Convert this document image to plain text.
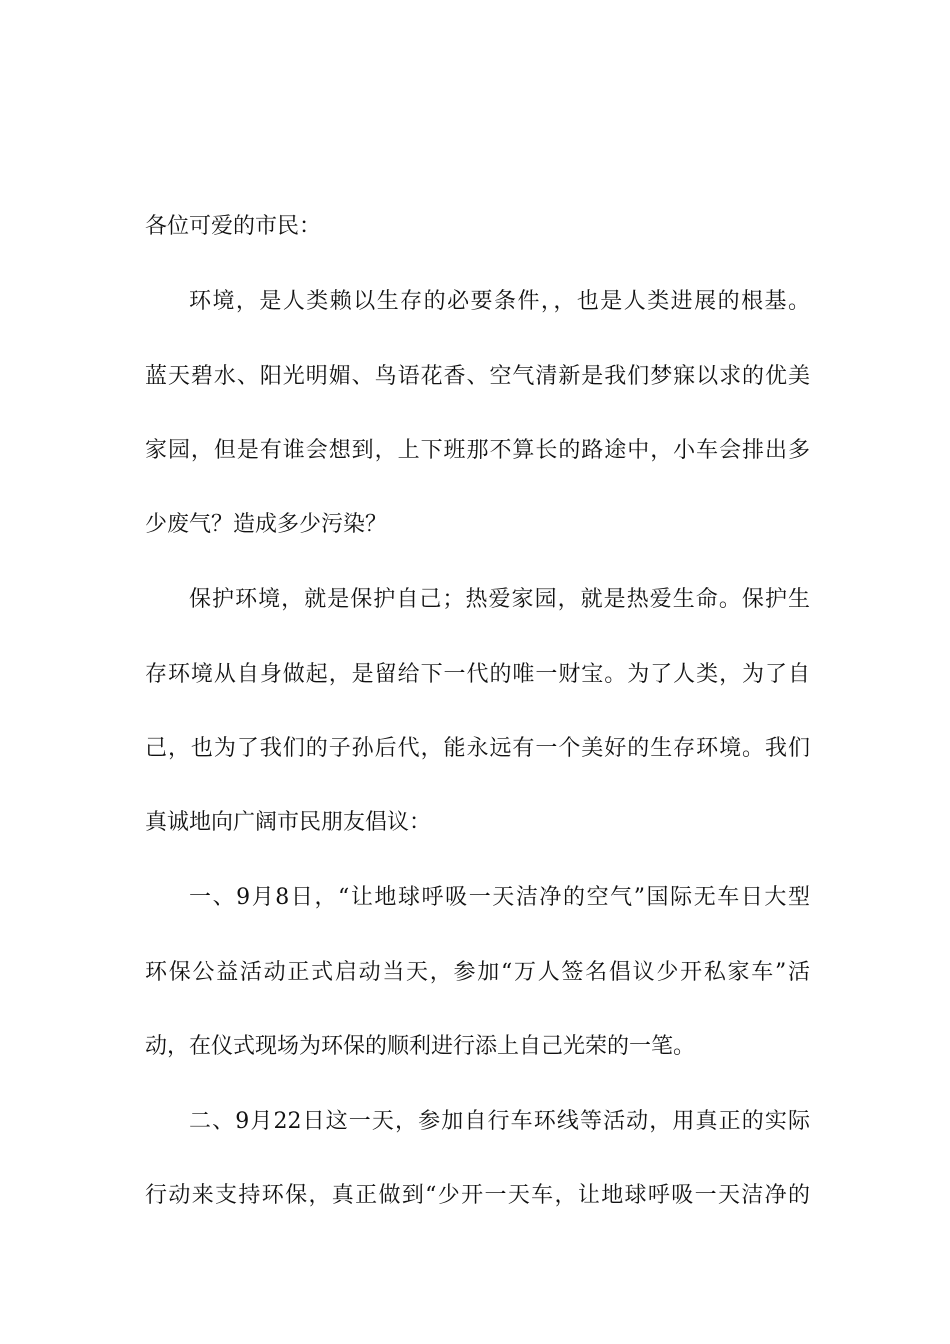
各位可爱的市民：
环境，是人类赖以生存的必要条件，，也是人类进展的根基。
蓝天碧水、阳光明媚、鸟语花香、空气清新是我们梦寐以求的优美
家园，但是有谁会想到，上下班那不算长的路途中，小车会排出多
少废气？造成多少污染？
保护环境，就是保护自己；热爱家园，就是热爱生命。保护生
存环境从自身做起，是留给下一代的唯一财宝。为了人类，为了自
己，也为了我们的子孙后代，能永远有一个美好的生存环境。我们
真诚地向广阔市民朋友倡议：
一、9月8日，“让地球呼吸一天洁净的空气”国际无车日大型
环保公益活动正式启动当天，参加“万人签名倡议少开私家车”活
动，在仪式现场为环保的顺利进行添上自己光荣的一笔。
二、9月22日这一天，参加自行车环线等活动，用真正的实际
行动来支持环保，真正做到“少开一天车，让地球呼吸一天洁净的
